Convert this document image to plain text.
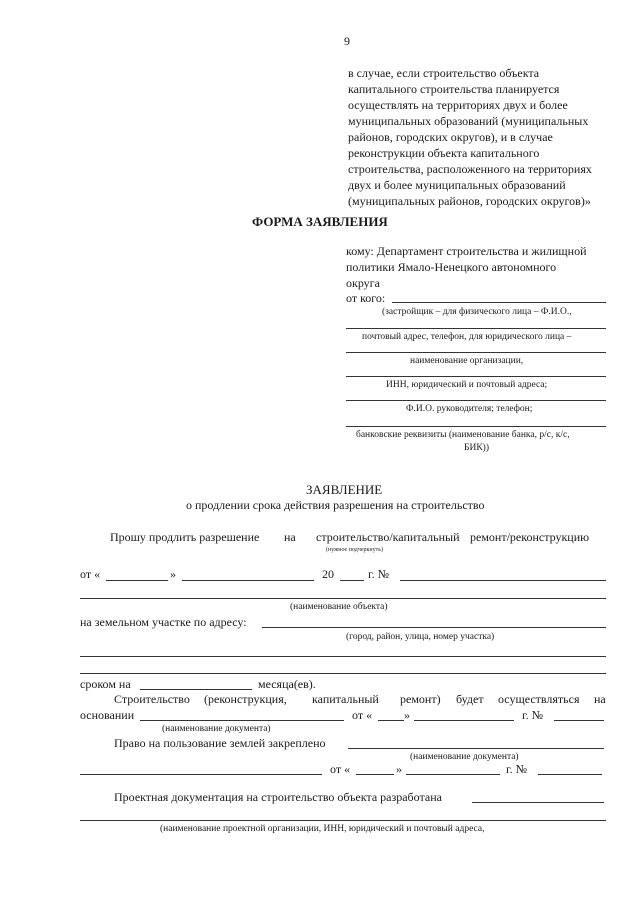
9
в случае, если строительство объекта
капитального строительства планируется
осуществлять на территориях двух и более
муниципальных образований (муниципальных
районов, городских округов), и в случае
реконструкции объекта капитального
строительства, расположенного на территориях
двух и более муниципальных образований
(муниципальных районов, городских округов)»
ФОРМА ЗАЯВЛЕНИЯ
кому: Департамент строительства и жилищной
политики Ямало-Ненецкого автономного
округа
от кого:
(застройщик – для физического лица – Ф.И.О.,
почтовый адрес, телефон, для юридического лица –
наименование организации,
ИНН, юридический и почтовый адреса;
Ф.И.О. руководителя; телефон;
банковские реквизиты (наименование банка, р/с, к/с,
БИК))
ЗАЯВЛЕНИЕ
о продлении срока действия разрешения на строительство
Прошу продлить разрешение на строительство/капитальный ремонт/реконструкцию
(нужное подчеркнуть)
от «	»	20	г. №
(наименование объекта)
на земельном участке по адресу:
(город, район, улица, номер участка)
сроком на	месяца(ев).
Строительство (реконструкция, капитальный ремонт) будет осуществляться на
основании	от «	»	г. №
(наименование документа)
Право на пользование землей закреплено
(наименование документа)
от «	»	г. №
Проектная документация на строительство объекта разработана
(наименование проектной организации, ИНН, юридический и почтовый адреса,
